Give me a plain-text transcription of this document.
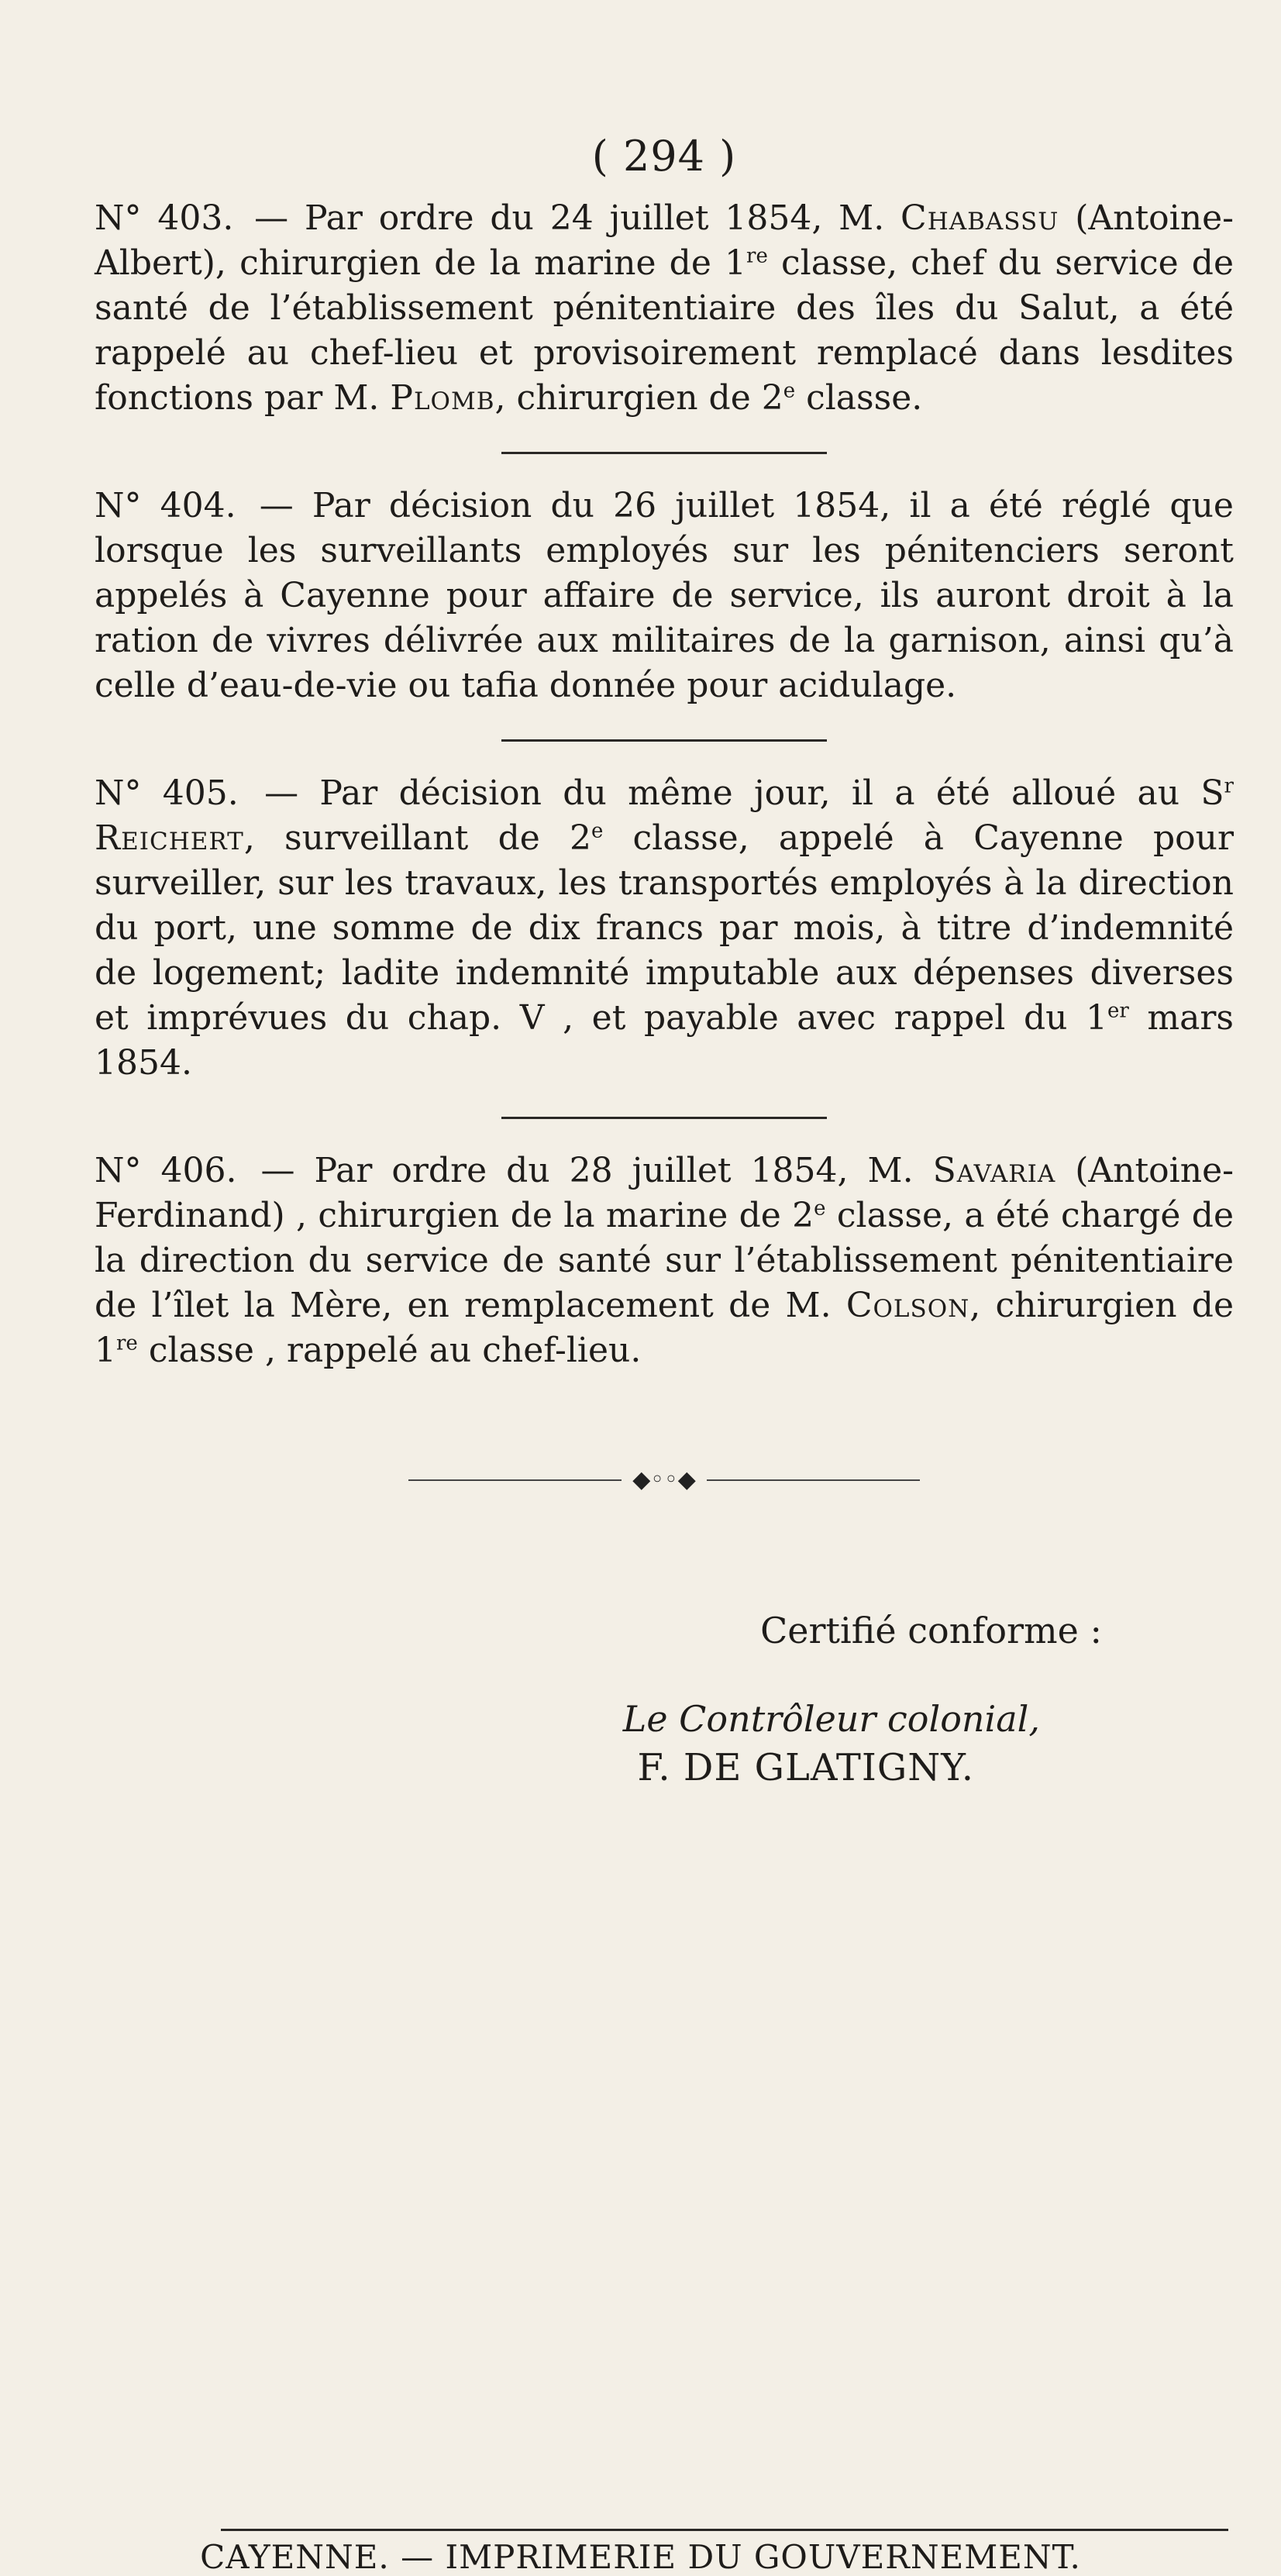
( 294 )

N° 403. — Par ordre du 24 juillet 1854, M. Chabassu (Antoine-Albert), chirurgien de la marine de 1re classe, chef du service de santé de l’établissement pénitentiaire des îles du Salut, a été rappelé au chef-lieu et provisoirement remplacé dans lesdites fonctions par M. Plomb, chirurgien de 2e classe.

N° 404. — Par décision du 26 juillet 1854, il a été réglé que lorsque les surveillants employés sur les pénitenciers seront appelés à Cayenne pour affaire de service, ils auront droit à la ration de vivres délivrée aux militaires de la garnison, ainsi qu’à celle d’eau-de-vie ou tafia donnée pour acidulage.

N° 405. — Par décision du même jour, il a été alloué au $S^r$ Reichert, surveillant de 2e classe, appelé à Cayenne pour surveiller, sur les travaux, les transportés employés à la direction du port, une somme de dix francs par mois, à titre d’indemnité de logement; ladite indemnité imputable aux dépenses diverses et imprévues du chap. V , et payable avec rappel du 1er mars 1854.

N° 406. — Par ordre du 28 juillet 1854, M. Savaria (Antoine-Ferdinand) , chirurgien de la marine de 2e classe, a été chargé de la direction du service de santé sur l’établissement pénitentiaire de l’îlet la Mère, en remplacement de M. Colson, chirurgien de 1re classe , rappelé au chef-lieu.

◆◦◦◆
Certifié conforme :
Le Contrôleur colonial,
F. DE GLATIGNY.
CAYENNE. — IMPRIMERIE DU GOUVERNEMENT.
